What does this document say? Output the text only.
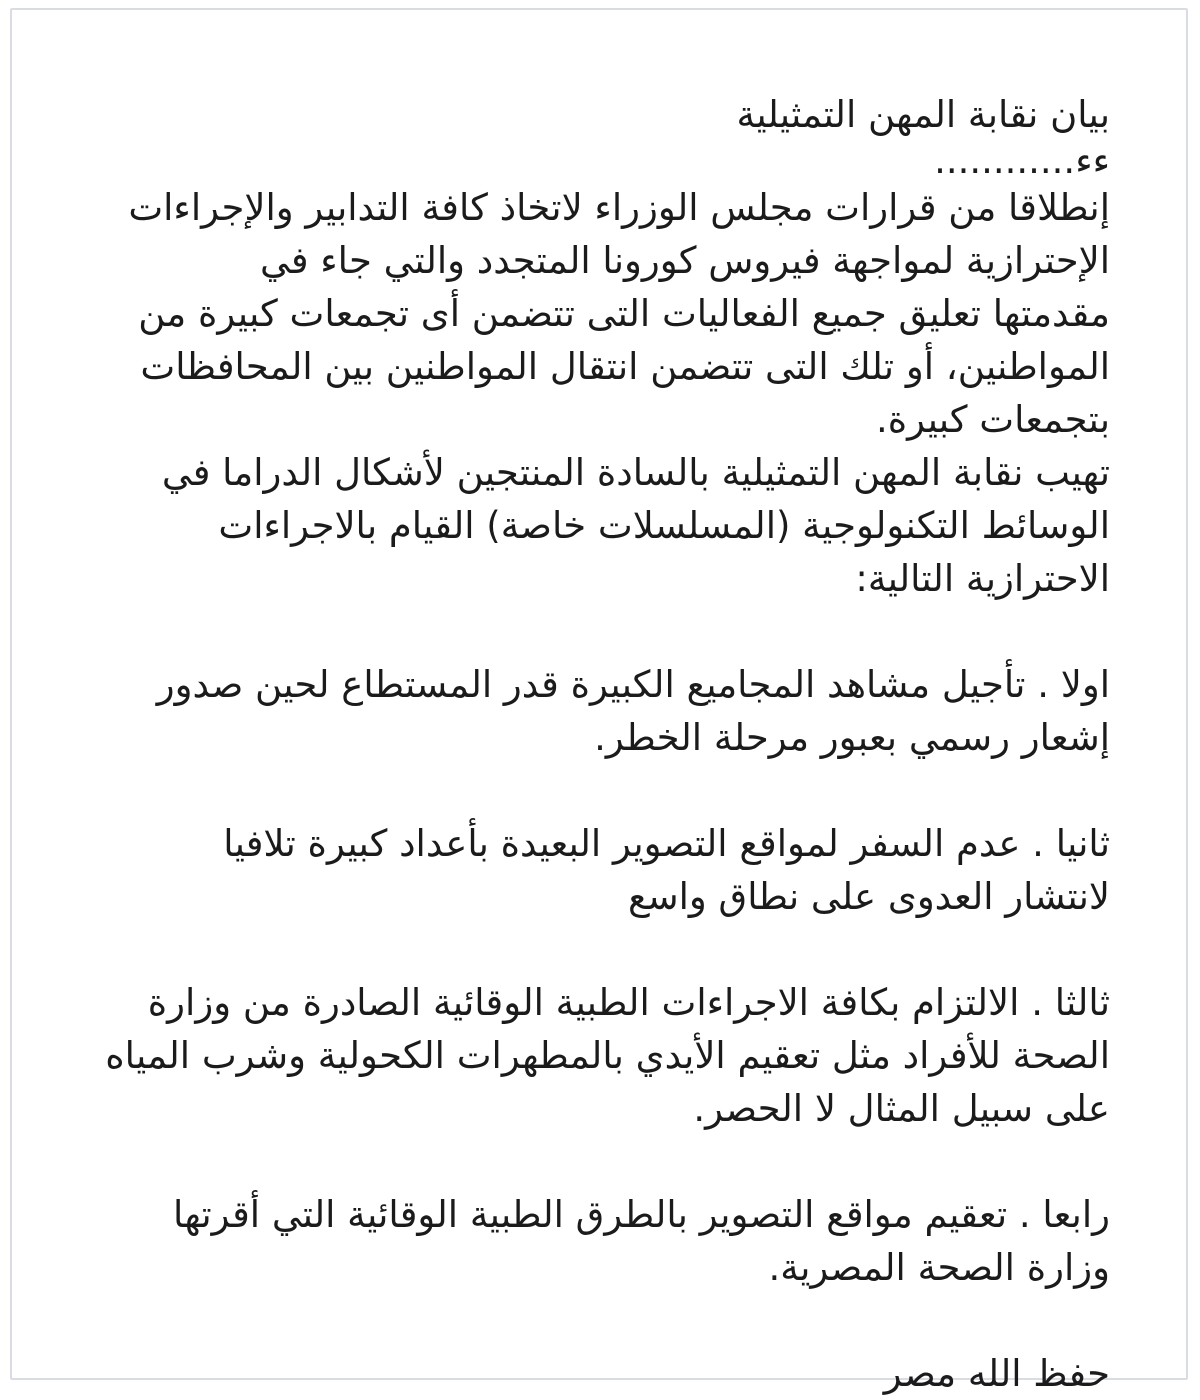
بيان نقابة المهن التمثيلية

ءء............

إنطلاقا من قرارات مجلس الوزراء لاتخاذ كافة التدابير والإجراءات
الإحترازية لمواجهة فيروس كورونا المتجدد والتي جاء في
مقدمتها تعليق جميع الفعاليات التى تتضمن أى تجمعات كبيرة من
المواطنين، أو تلك التى تتضمن انتقال المواطنين بين المحافظات
بتجمعات كبيرة.

تهيب نقابة المهن التمثيلية بالسادة المنتجين لأشكال الدراما في
الوسائط التكنولوجية (المسلسلات خاصة) القيام بالاجراءات
الاحترازية التالية:

اولا . تأجيل مشاهد المجاميع الكبيرة قدر المستطاع لحين صدور
إشعار رسمي بعبور مرحلة الخطر.

ثانيا . عدم السفر لمواقع التصوير البعيدة بأعداد كبيرة تلافيا
لانتشار العدوى على نطاق واسع

ثالثا . الالتزام بكافة الاجراءات الطبية الوقائية الصادرة من وزارة
الصحة للأفراد مثل تعقيم الأيدي بالمطهرات الكحولية وشرب المياه
على سبيل المثال لا الحصر.

رابعا . تعقيم مواقع التصوير بالطرق الطبية الوقائية التي أقرتها
وزارة الصحة المصرية.

حفظ الله مصر
